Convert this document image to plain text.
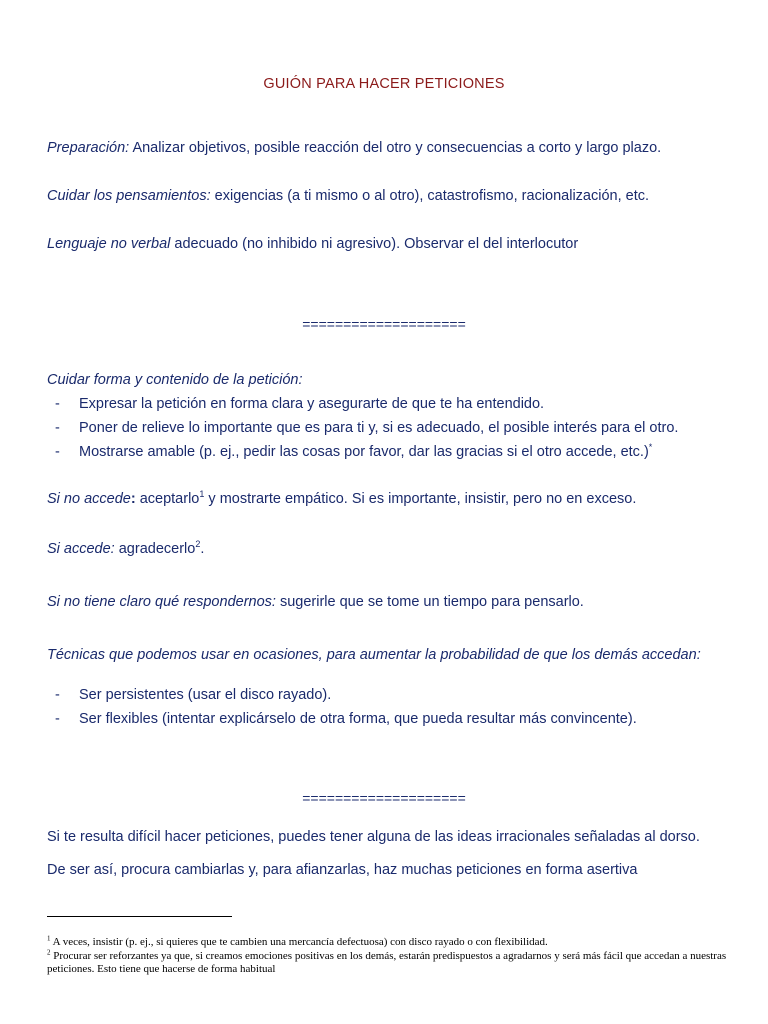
GUIÓN PARA HACER PETICIONES
Preparación: Analizar objetivos, posible reacción del otro y consecuencias a corto y largo plazo.
Cuidar los pensamientos: exigencias (a ti mismo o al otro), catastrofismo, racionalización, etc.
Lenguaje no verbal adecuado (no inhibido ni agresivo). Observar el del interlocutor
====================
Cuidar forma y contenido de la petición:
- Expresar la petición en forma clara y asegurarte de que te ha entendido.
- Poner de relieve lo importante que es para ti y, si es adecuado, el posible interés para el otro.
- Mostrarse amable (p. ej., pedir las cosas por favor, dar las gracias si el otro accede, etc.)*
Si no accede: aceptarlo$^1$ y mostrarte empático. Si es importante, insistir, pero no en exceso.
Si accede: agradecerlo$^2$.
Si no tiene claro qué respondernos: sugerirle que se tome un tiempo para pensarlo.
Técnicas que podemos usar en ocasiones, para aumentar la probabilidad de que los demás accedan:
- Ser persistentes (usar el disco rayado).
- Ser flexibles (intentar explicárselo de otra forma, que pueda resultar más convincente).
====================
Si te resulta difícil hacer peticiones, puedes tener alguna de las ideas irracionales señaladas al dorso.
De ser así, procura cambiarlas y, para afianzarlas, haz muchas peticiones en forma asertiva
$^1$ A veces, insistir (p. ej., si quieres que te cambien una mercancía defectuosa) con disco rayado o con flexibilidad.
$^2$ Procurar ser reforzantes ya que, si creamos emociones positivas en los demás, estarán predispuestos a agradarnos y será más fácil que accedan a nuestras peticiones. Esto tiene que hacerse de forma habitual
